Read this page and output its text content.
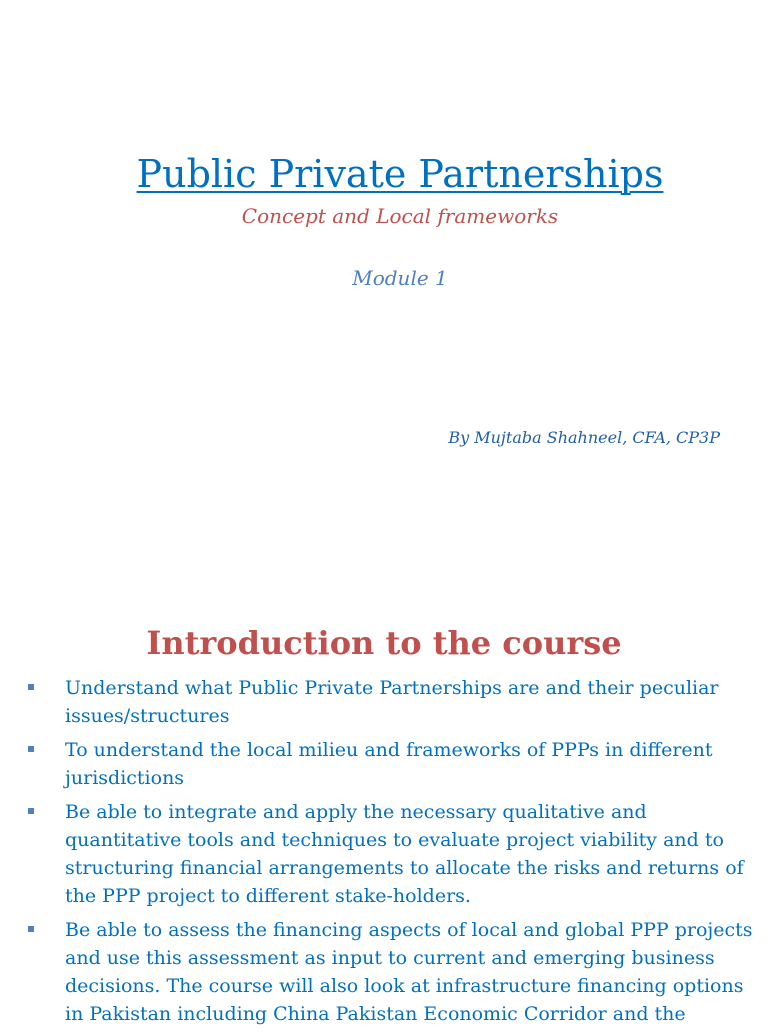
Public Private Partnerships
Concept and Local frameworks
Module 1
By Mujtaba Shahneel, CFA, CP3P
Introduction to the course
Understand what Public Private Partnerships are and their peculiar issues/structures
To understand the local milieu and frameworks of PPPs in different jurisdictions
Be able to integrate and apply the necessary qualitative and quantitative tools and techniques to evaluate project viability and to structuring financial arrangements to allocate the risks and returns of the PPP project to different stake-holders.
Be able to assess the financing aspects of local and global PPP projects and use this assessment as input to current and emerging business decisions. The course will also look at infrastructure financing options in Pakistan including China Pakistan Economic Corridor and the
